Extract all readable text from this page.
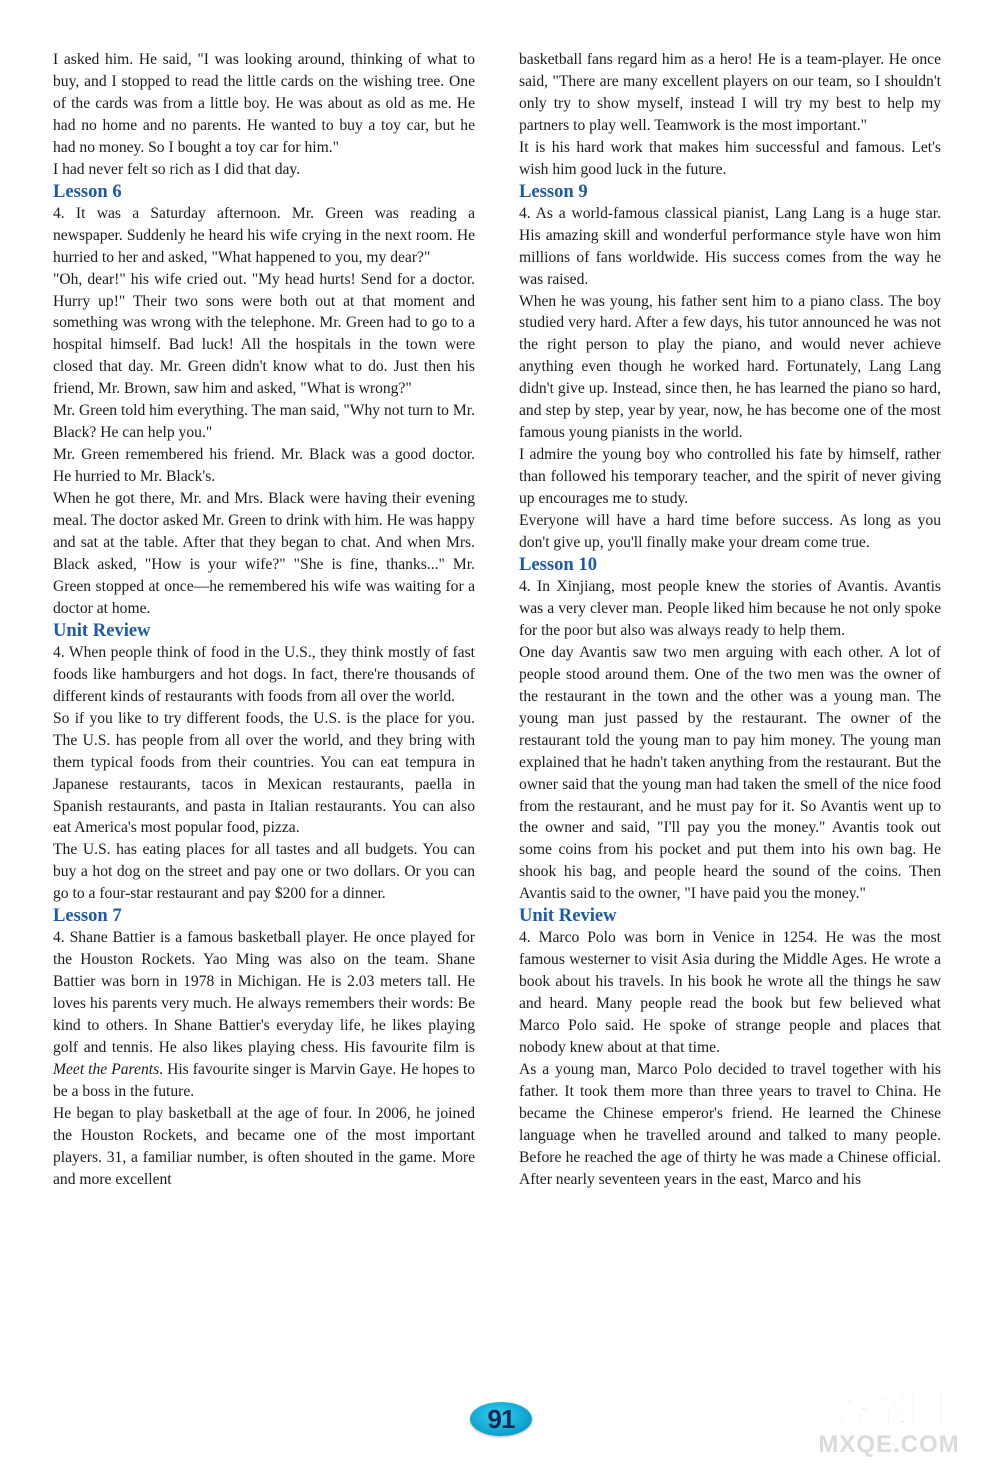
I asked him. He said, "I was looking around, thinking of what to buy, and I stopped to read the little cards on the wishing tree. One of the cards was from a little boy. He was about as old as me. He had no home and no parents. He wanted to buy a toy car, but he had no money. So I bought a toy car for him."

I had never felt so rich as I did that day.

Lesson 6

4. It was a Saturday afternoon. Mr. Green was reading a newspaper. Suddenly he heard his wife crying in the next room. He hurried to her and asked, "What happened to you, my dear?"

"Oh, dear!" his wife cried out. "My head hurts! Send for a doctor. Hurry up!" Their two sons were both out at that moment and something was wrong with the telephone. Mr. Green had to go to a hospital himself. Bad luck! All the hospitals in the town were closed that day. Mr. Green didn't know what to do. Just then his friend, Mr. Brown, saw him and asked, "What is wrong?"

Mr. Green told him everything. The man said, "Why not turn to Mr. Black? He can help you."

Mr. Green remembered his friend. Mr. Black was a good doctor. He hurried to Mr. Black's.

When he got there, Mr. and Mrs. Black were having their evening meal. The doctor asked Mr. Green to drink with him. He was happy and sat at the table. After that they began to chat. And when Mrs. Black asked, "How is your wife?" "She is fine, thanks..." Mr. Green stopped at once—he remembered his wife was waiting for a doctor at home.

Unit Review

4. When people think of food in the U.S., they think mostly of fast foods like hamburgers and hot dogs. In fact, there're thousands of different kinds of restaurants with foods from all over the world.

So if you like to try different foods, the U.S. is the place for you. The U.S. has people from all over the world, and they bring with them typical foods from their countries. You can eat tempura in Japanese restaurants, tacos in Mexican restaurants, paella in Spanish restaurants, and pasta in Italian restaurants. You can also eat America's most popular food, pizza.

The U.S. has eating places for all tastes and all budgets. You can buy a hot dog on the street and pay one or two dollars. Or you can go to a four-star restaurant and pay $200 for a dinner.

Lesson 7

4. Shane Battier is a famous basketball player. He once played for the Houston Rockets. Yao Ming was also on the team. Shane Battier was born in 1978 in Michigan. He is 2.03 meters tall. He loves his parents very much. He always remembers their words: Be kind to others. In Shane Battier's everyday life, he likes playing golf and tennis. He also likes playing chess. His favourite film is Meet the Parents. His favourite singer is Marvin Gaye. He hopes to be a boss in the future.

He began to play basketball at the age of four. In 2006, he joined the Houston Rockets, and became one of the most important players. 31, a familiar number, is often shouted in the game. More and more excellent

basketball fans regard him as a hero! He is a team-player. He once said, "There are many excellent players on our team, so I shouldn't only try to show myself, instead I will try my best to help my partners to play well. Teamwork is the most important."

It is his hard work that makes him successful and famous. Let's wish him good luck in the future.

Lesson 9

4. As a world-famous classical pianist, Lang Lang is a huge star. His amazing skill and wonderful performance style have won him millions of fans worldwide. His success comes from the way he was raised.

When he was young, his father sent him to a piano class. The boy studied very hard. After a few days, his tutor announced he was not the right person to play the piano, and would never achieve anything even though he worked hard. Fortunately, Lang Lang didn't give up. Instead, since then, he has learned the piano so hard, and step by step, year by year, now, he has become one of the most famous young pianists in the world.

I admire the young boy who controlled his fate by himself, rather than followed his temporary teacher, and the spirit of never giving up encourages me to study.

Everyone will have a hard time before success. As long as you don't give up, you'll finally make your dream come true.

Lesson 10

4. In Xinjiang, most people knew the stories of Avantis. Avantis was a very clever man. People liked him because he not only spoke for the poor but also was always ready to help them.

One day Avantis saw two men arguing with each other. A lot of people stood around them. One of the two men was the owner of the restaurant in the town and the other was a young man. The young man just passed by the restaurant. The owner of the restaurant told the young man to pay him money. The young man explained that he hadn't taken anything from the restaurant. But the owner said that the young man had taken the smell of the nice food from the restaurant, and he must pay for it. So Avantis went up to the owner and said, "I'll pay you the money." Avantis took out some coins from his pocket and put them into his own bag. He shook his bag, and people heard the sound of the coins. Then Avantis said to the owner, "I have paid you the money."

Unit Review

4. Marco Polo was born in Venice in 1254. He was the most famous westerner to visit Asia during the Middle Ages. He wrote a book about his travels. In his book he wrote all the things he saw and heard. Many people read the book but few believed what Marco Polo said. He spoke of strange people and places that nobody knew about at that time.

As a young man, Marco Polo decided to travel together with his father. It took them more than three years to travel to China. He became the Chinese emperor's friend. He learned the Chinese language when he travelled around and talked to many people. Before he reached the age of thirty he was made a Chinese official. After nearly seventeen years in the east, Marco and his

91	答案圈
MXQE.COM
